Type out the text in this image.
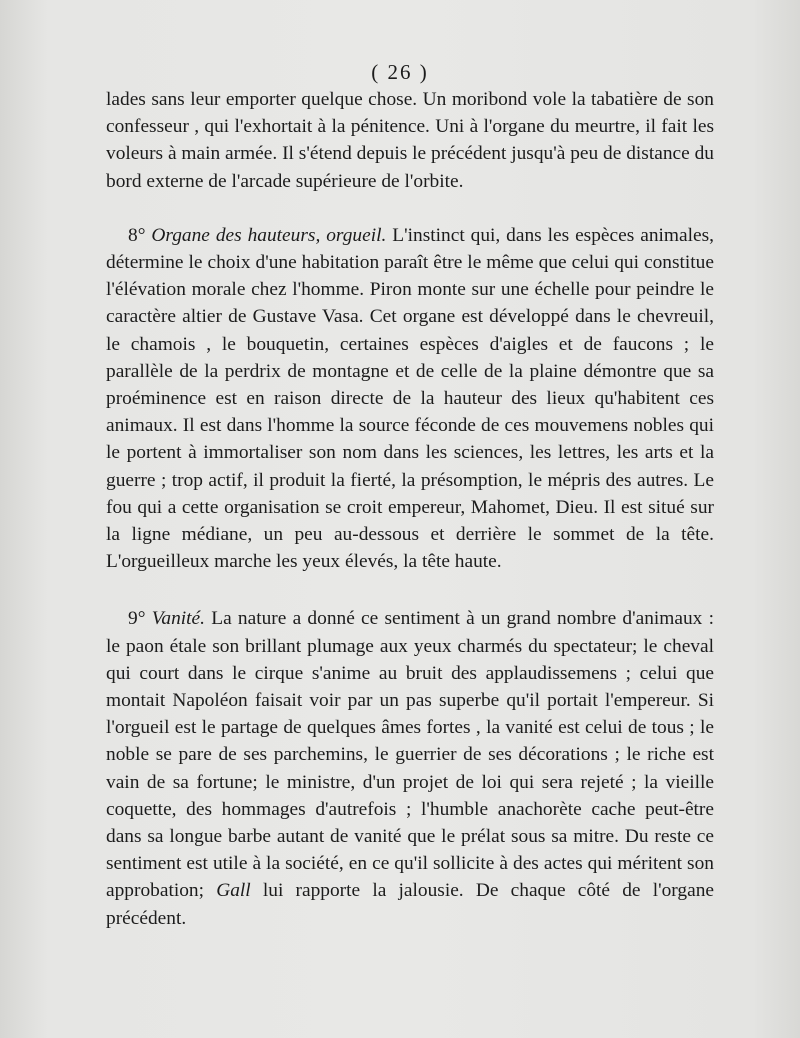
( 26 )

lades sans leur emporter quelque chose. Un moribond vole la tabatière de son confesseur , qui l'exhortait à la pénitence. Uni à l'organe du meurtre, il fait les voleurs à main armée. Il s'étend depuis le précédent jusqu'à peu de distance du bord externe de l'arcade supérieure de l'orbite.

8° Organe des hauteurs, orgueil. L'instinct qui, dans les espèces animales, détermine le choix d'une habitation paraît être le même que celui qui constitue l'élévation morale chez l'homme. Piron monte sur une échelle pour peindre le caractère altier de Gustave Vasa. Cet organe est développé dans le chevreuil, le chamois , le bouquetin, certaines espèces d'aigles et de faucons ; le parallèle de la perdrix de montagne et de celle de la plaine démontre que sa proéminence est en raison directe de la hauteur des lieux qu'habitent ces animaux. Il est dans l'homme la source féconde de ces mouvemens nobles qui le portent à immortaliser son nom dans les sciences, les lettres, les arts et la guerre ; trop actif, il produit la fierté, la présomption, le mépris des autres. Le fou qui a cette organisation se croit empereur, Mahomet, Dieu. Il est situé sur la ligne médiane, un peu au-dessous et derrière le sommet de la tête. L'orgueilleux marche les yeux élevés, la tête haute.

9° Vanité. La nature a donné ce sentiment à un grand nombre d'animaux : le paon étale son brillant plumage aux yeux charmés du spectateur; le cheval qui court dans le cirque s'anime au bruit des applaudissemens ; celui que montait Napoléon faisait voir par un pas superbe qu'il portait l'empereur. Si l'orgueil est le partage de quelques âmes fortes , la vanité est celui de tous ; le noble se pare de ses parchemins, le guerrier de ses décorations ; le riche est vain de sa fortune; le ministre, d'un projet de loi qui sera rejeté ; la vieille coquette, des hommages d'autrefois ; l'humble anachorète cache peut-être dans sa longue barbe autant de vanité que le prélat sous sa mitre. Du reste ce sentiment est utile à la société, en ce qu'il sollicite à des actes qui méritent son approbation; Gall lui rapporte la jalousie. De chaque côté de l'organe précédent.
